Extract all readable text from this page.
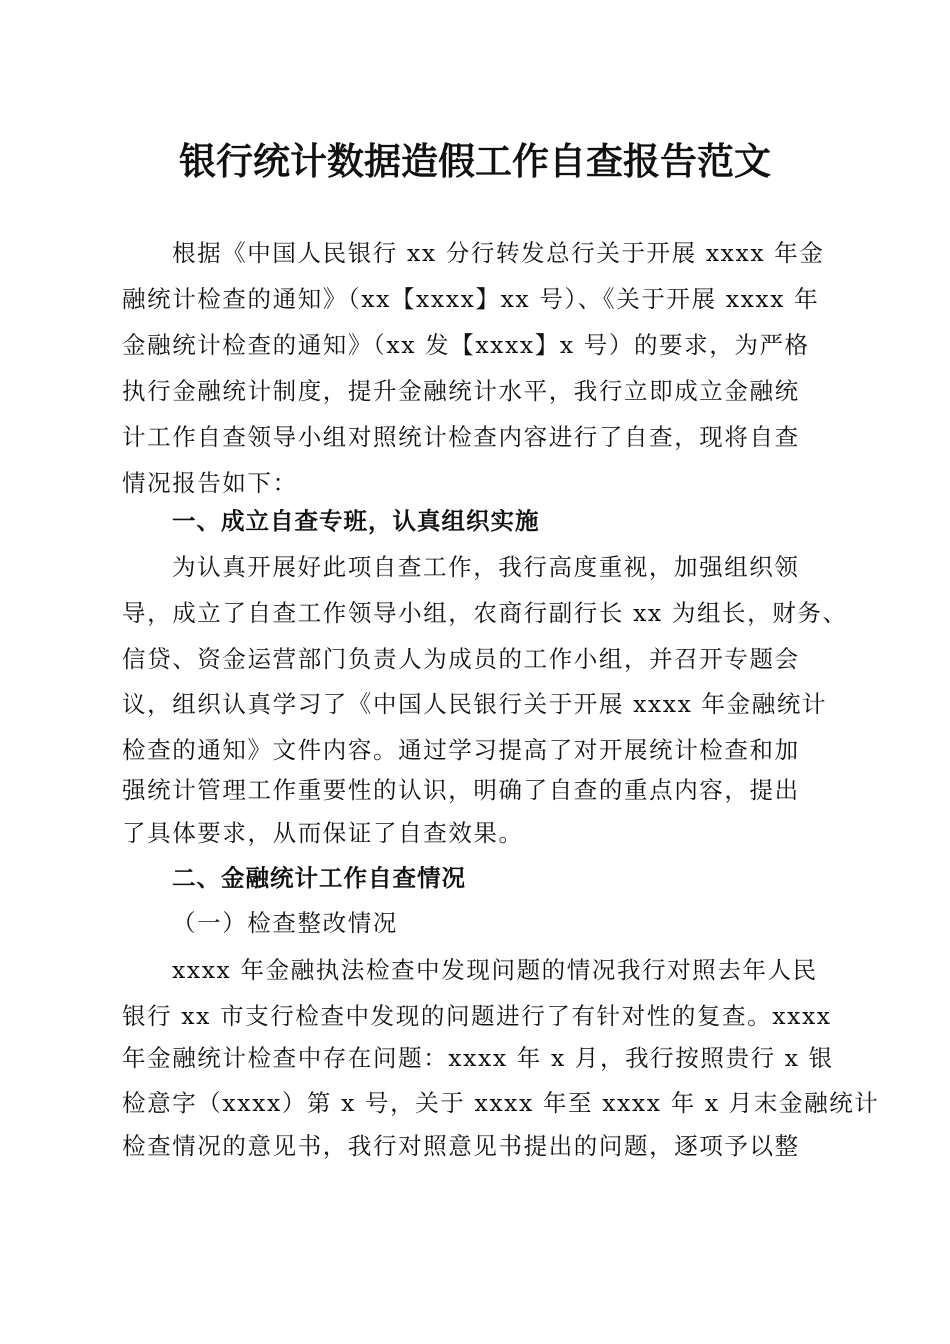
银行统计数据造假工作自查报告范文

根据《中国人民银行 xx 分行转发总行关于开展 xxxx 年金

融统计检查的通知》（xx【xxxx】xx 号）、《关于开展 xxxx 年

金融统计检查的通知》（xx 发【xxxx】x 号）的要求，为严格

执行金融统计制度，提升金融统计水平，我行立即成立金融统

计工作自查领导小组对照统计检查内容进行了自查，现将自查

情况报告如下：

一、成立自查专班，认真组织实施

为认真开展好此项自查工作，我行高度重视，加强组织领

导，成立了自查工作领导小组，农商行副行长 xx 为组长，财务、

信贷、资金运营部门负责人为成员的工作小组，并召开专题会

议，组织认真学习了《中国人民银行关于开展 xxxx 年金融统计

检查的通知》文件内容。通过学习提高了对开展统计检查和加

强统计管理工作重要性的认识，明确了自查的重点内容，提出

了具体要求，从而保证了自查效果。

二、金融统计工作自查情况

（一）检查整改情况

xxxx 年金融执法检查中发现问题的情况我行对照去年人民

银行 xx 市支行检查中发现的问题进行了有针对性的复查。xxxx

年金融统计检查中存在问题：xxxx 年 x 月，我行按照贵行 x 银

检意字（xxxx）第 x 号，关于 xxxx 年至 xxxx 年 x 月末金融统计

检查情况的意见书，我行对照意见书提出的问题，逐项予以整
